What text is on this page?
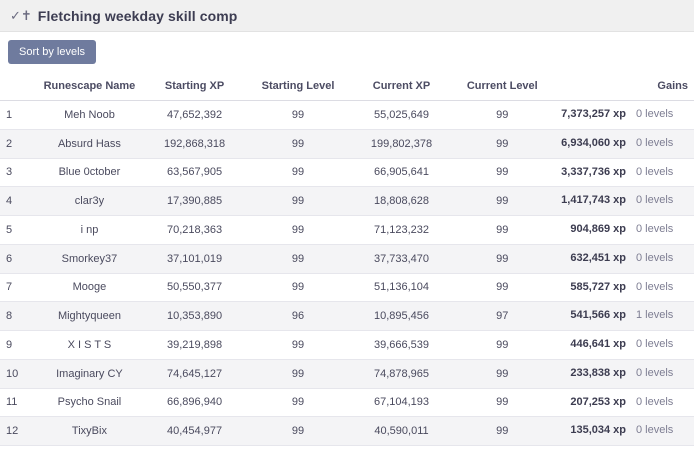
✓✝ Fletching weekday skill comp
Sort by levels
	Runescape Name	Starting XP	Starting Level	Current XP	Current Level	Gains
1	Meh Noob	47,652,392	99	55,025,649	99	7,373,257 xp 0 levels

2	Absurd Hass	192,868,318	99	199,802,378	99	6,934,060 xp 0 levels

3	Blue 0ctober	63,567,905	99	66,905,641	99	3,337,736 xp 0 levels

4	clar3y	17,390,885	99	18,808,628	99	1,417,743 xp 0 levels

5	i np	70,218,363	99	71,123,232	99	904,869 xp 0 levels

6	Smorkey37	37,101,019	99	37,733,470	99	632,451 xp 0 levels

7	Mooge	50,550,377	99	51,136,104	99	585,727 xp 0 levels

8	Mightyqueen	10,353,890	96	10,895,456	97	541,566 xp 1 levels

9	X I S T S	39,219,898	99	39,666,539	99	446,641 xp 0 levels

10	Imaginary CY	74,645,127	99	74,878,965	99	233,838 xp 0 levels

11	Psycho Snail	66,896,940	99	67,104,193	99	207,253 xp 0 levels

12	TixyBix	40,454,977	99	40,590,011	99	135,034 xp 0 levels
